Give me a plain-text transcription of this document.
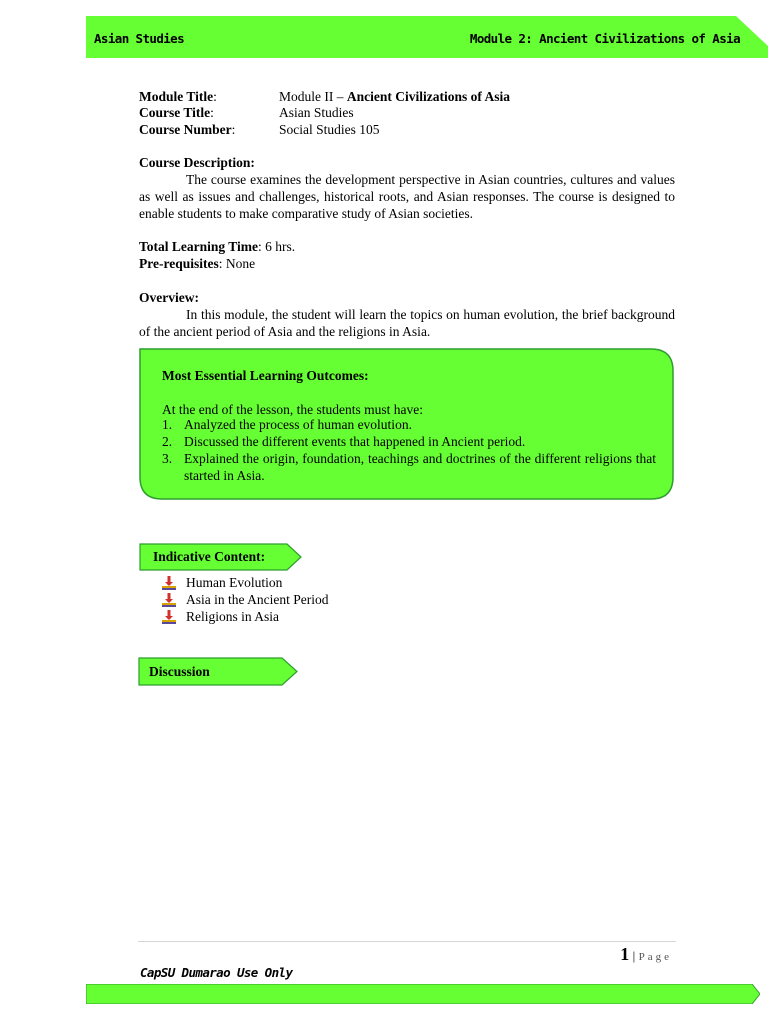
Asian Studies	Module 2: Ancient Civilizations of Asia
Module Title:	Module II – Ancient Civilizations of Asia
Course Title:	Asian Studies
Course Number:	Social Studies 105
Course Description:
The course examines the development perspective in Asian countries, cultures and values as well as issues and challenges, historical roots, and Asian responses. The course is designed to enable students to make comparative study of Asian societies.
Total Learning Time: 6 hrs.
Pre-requisites: None
Overview:
In this module, the student will learn the topics on human evolution, the brief background of the ancient period of Asia and the religions in Asia.
Most Essential Learning Outcomes:
At the end of the lesson, the students must have:
1. Analyzed the process of human evolution.
2. Discussed the different events that happened in Ancient period.
3. Explained the origin, foundation, teachings and doctrines of the different religions that started in Asia.
Indicative Content:
Human Evolution
Asia in the Ancient Period
Religions in Asia
Discussion
1 | Page
CapSU Dumarao Use Only
